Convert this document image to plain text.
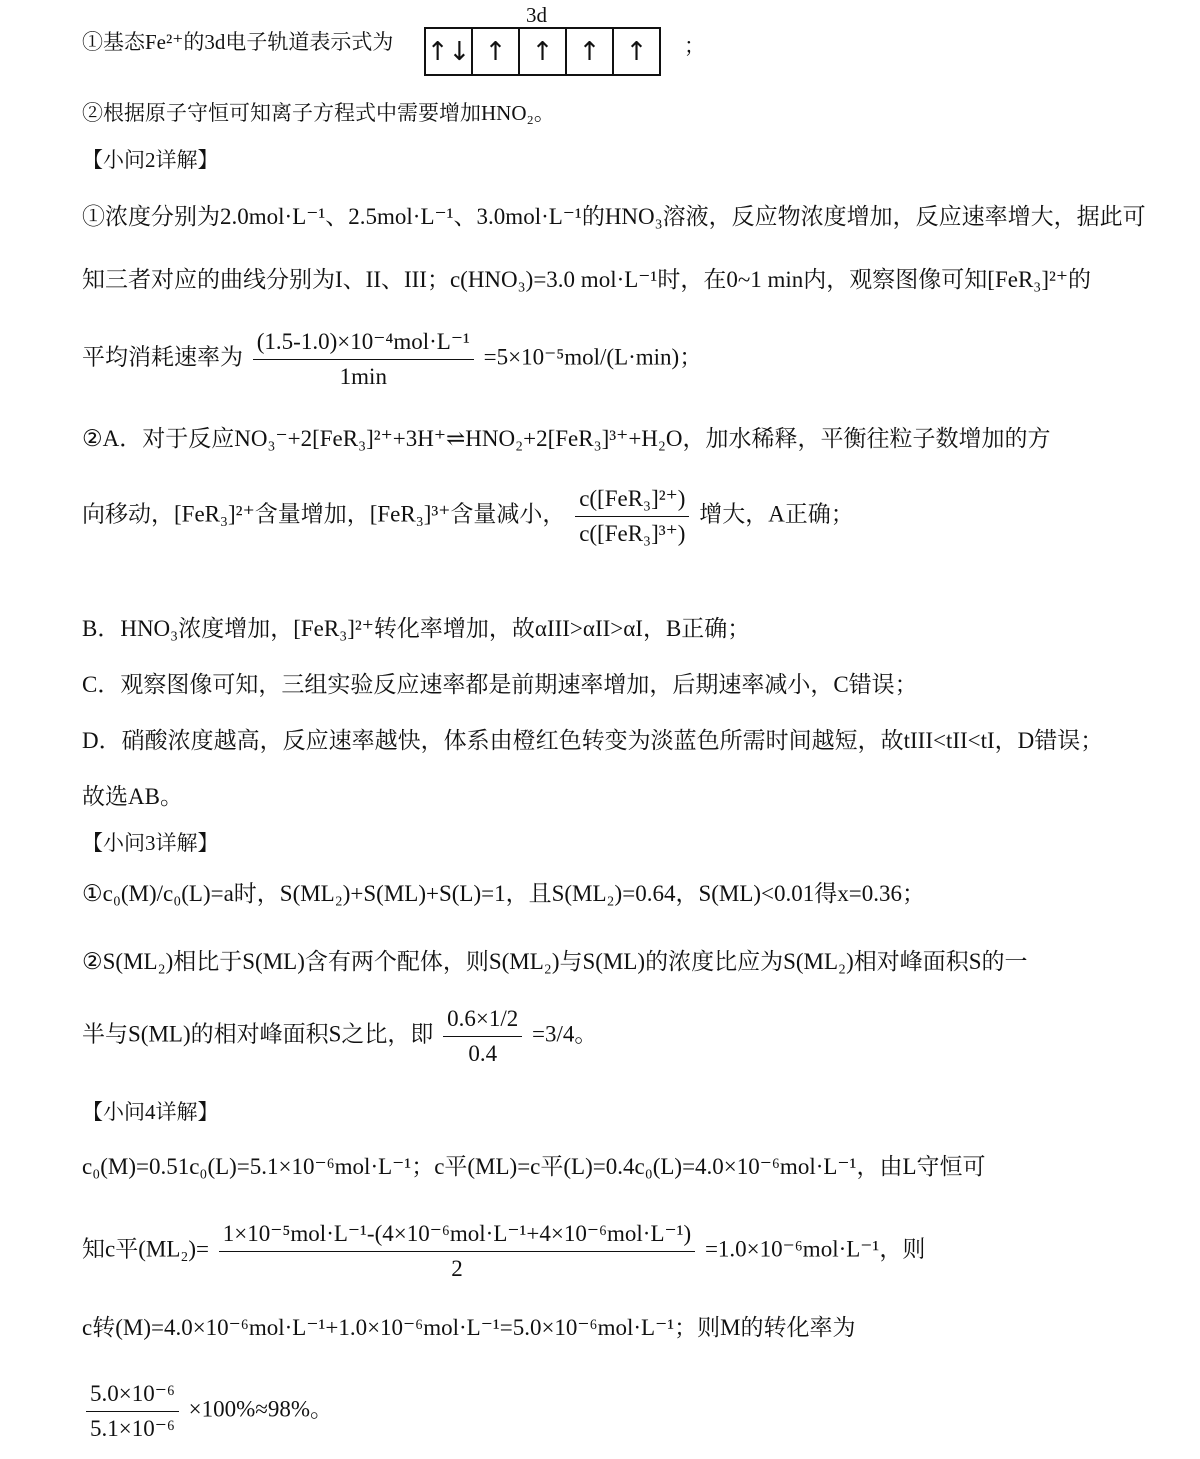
①基态Fe²⁺的3d电子轨道表示式为
3d
↑↓ ↑ ↑ ↑ ↑	；
②根据原子守恒可知离子方程式中需要增加HNO₂。
【小问2详解】
①浓度分别为2.0mol·L⁻¹、2.5mol·L⁻¹、3.0mol·L⁻¹的HNO₃溶液，反应物浓度增加，反应速率增大，据此可
知三者对应的曲线分别为I、II、III；c(HNO₃)=3.0 mol·L⁻¹时，在0~1 min内，观察图像可知[FeR₃]²⁺的
平均消耗速率为 $\frac{\text{(1.5-1.0)×10⁻⁴mol·L⁻¹}}{1\min} =5\times 10^{-5}mol/(L\cdot\min)$；
②A．对于反应NO₃⁻+2[FeR₃]²⁺+3H⁺⇌HNO₂+2[FeR₃]³⁺+H₂O，加水稀释，平衡往粒子数增加的方
向移动，[FeR₃]²⁺含量增加，[FeR₃]³⁺含量减小， $\frac{\text{c([FeR₃]²⁺)}}{\text{c([FeR₃]³⁺)}}$ 增大，A正确；
B．HNO₃浓度增加，[FeR₃]²⁺转化率增加，故αIII>αII>αI，B正确；
C．观察图像可知，三组实验反应速率都是前期速率增加，后期速率减小，C错误；
D．硝酸浓度越高，反应速率越快，体系由橙红色转变为淡蓝色所需时间越短，故tIII<tII<tI，D错误；
故选AB。
【小问3详解】
①c₀(M)/c₀(L)=a时，S(ML₂)+S(ML)+S(L)=1，且S(ML₂)=0.64，S(ML)<0.01得x=0.36；
②S(ML₂)相比于S(ML)含有两个配体，则S(ML₂)与S(ML)的浓度比应为S(ML₂)相对峰面积S的一
半与S(ML)的相对峰面积S之比，即 $\frac{0.6\times 1/2}{0.4} =3/4$。
【小问4详解】
c₀(M)=0.51c₀(L)=5.1×10⁻⁶mol·L⁻¹；c平(ML)=c平(L)=0.4c₀(L)=4.0×10⁻⁶mol·L⁻¹，由L守恒可
知c平$(ML_2)= \frac{\text{1×10⁻⁵mol·L⁻¹-(4×10⁻⁶mol·L⁻¹+4×10⁻⁶mol·L⁻¹)}}{2} =1.0\times 10^{-6}mol\cdot L^{-1}$，则
c转(M)=4.0×10⁻⁶mol·L⁻¹+1.0×10⁻⁶mol·L⁻¹=5.0×10⁻⁶mol·L⁻¹；则M的转化率为
$\frac{\text{5.0×10⁻⁶}}{\text{5.1×10⁻⁶}} \times 100\%\approx 98\%$。
